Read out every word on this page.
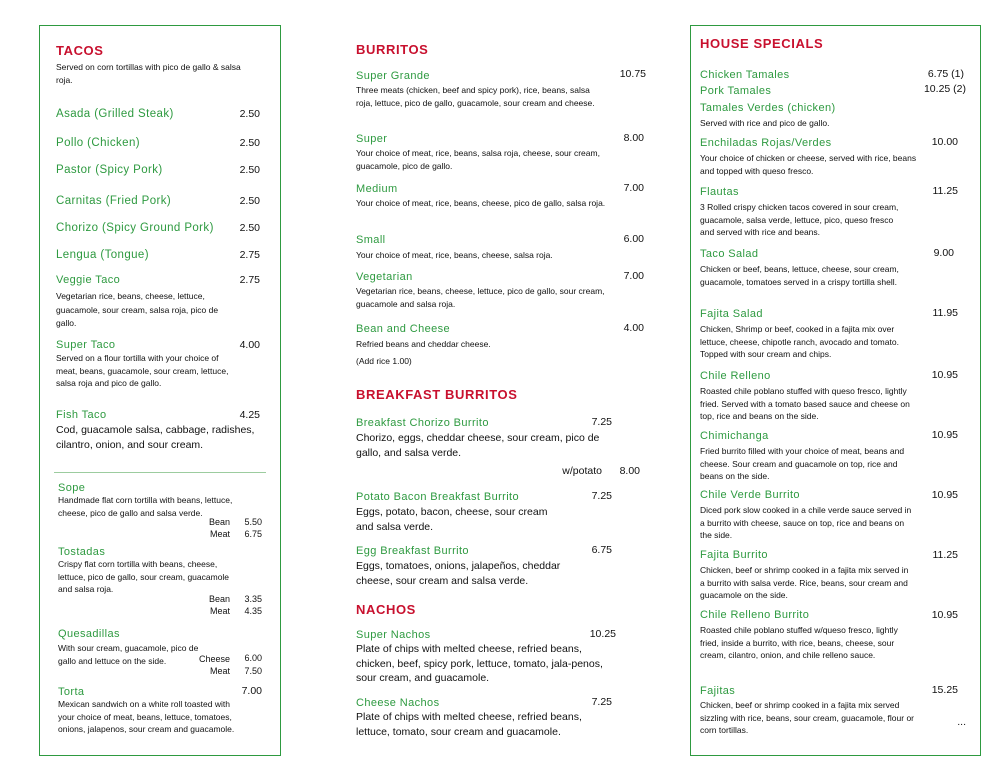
TACOS
Served on corn tortillas with pico de gallo & salsa roja.
Asada (Grilled Steak)	2.50
Pollo (Chicken)	2.50
Pastor (Spicy Pork)	2.50
Carnitas (Fried Pork)	2.50
Chorizo (Spicy Ground Pork) 2.50
Lengua (Tongue)	2.75
Veggie Taco	2.75
Vegetarian rice, beans, cheese, lettuce, guacamole, sour cream, salsa roja, pico de gallo.
Super Taco	4.00
Served on a flour tortilla with your choice of meat, beans, guacamole, sour cream, lettuce, salsa roja and pico de gallo.
Fish Taco	4.25
Cod, guacamole salsa, cabbage, radishes, cilantro, onion, and sour cream.
Sope
Handmade flat corn tortilla with beans, lettuce, cheese, pico de gallo and salsa verde.
Bean 5.50
Meat 6.75
Tostadas
Crispy flat corn tortilla with beans, cheese, lettuce, pico de gallo, sour cream, guacamole and salsa roja.
Bean 3.35
Meat 4.35
Quesadillas
With sour cream, guacamole, pico de gallo and lettuce on the side.	Cheese 6.00
Meat 7.50
Torta	7.00
Mexican sandwich on a white roll toasted with your choice of meat, beans, lettuce, tomatoes, onions, jalapenos, sour cream and guacamole.
BURRITOS
Super Grande	10.75
Three meats (chicken, beef and spicy pork), rice, beans, salsa roja, lettuce, pico de gallo, guacamole, sour cream and cheese.
Super	8.00
Your choice of meat, rice, beans, salsa roja, cheese, sour cream, guacamole, pico de gallo.
Medium	7.00
Your choice of meat, rice, beans, cheese, pico de gallo, salsa roja.
Small	6.00
Your choice of meat, rice, beans, cheese, salsa roja.
Vegetarian	7.00
Vegetarian rice, beans, cheese, lettuce, pico de gallo, sour cream, guacamole and salsa roja.
Bean and Cheese	4.00
Refried beans and cheddar cheese.
(Add rice 1.00)
BREAKFAST BURRITOS
Breakfast Chorizo Burrito	7.25
Chorizo, eggs, cheddar cheese, sour cream, pico de gallo, and salsa verde.
w/potato 8.00
Potato Bacon Breakfast Burrito	7.25
Eggs, potato, bacon, cheese, sour cream and salsa verde.
Egg Breakfast Burrito	6.75
Eggs, tomatoes, onions, jalapeños, cheddar cheese, sour cream and salsa verde.
NACHOS
Super Nachos	10.25
Plate of chips with melted cheese, refried beans, chicken, beef, spicy pork, lettuce, tomato, jala-penos, sour cream, and guacamole.
Cheese Nachos	7.25
Plate of chips with melted cheese, refried beans, lettuce, tomato, sour cream and guacamole.
HOUSE SPECIALS
Chicken Tamales	6.75 (1)
Pork Tamales	10.25 (2)
Tamales Verdes (chicken)
Served with rice and pico de gallo.
Enchiladas Rojas/Verdes	10.00
Your choice of chicken or cheese, served with rice, beans and topped with queso fresco.
Flautas	11.25
3 Rolled crispy chicken tacos covered in sour cream, guacamole, salsa verde, lettuce, pico, queso fresco and served with rice and beans.
Taco Salad	9.00
Chicken or beef, beans, lettuce, cheese, sour cream, guacamole, tomatoes served in a crispy tortilla shell.
Fajita Salad	11.95
Chicken, Shrimp or beef, cooked in a fajita mix over lettuce, cheese, chipotle ranch, avocado and tomato. Topped with sour cream and chips.
Chile Relleno	10.95
Roasted chile poblano stuffed with queso fresco, lightly fried. Served with a tomato based sauce and cheese on top, rice and beans on the side.
Chimichanga	10.95
Fried burrito filled with your choice of meat, beans and cheese. Sour cream and guacamole on top, rice and beans on the side.
Chile Verde Burrito	10.95
Diced pork slow cooked in a chile verde sauce served in a burrito with cheese, sauce on top, rice and beans on the side.
Fajita Burrito	11.25
Chicken, beef or shrimp cooked in a fajita mix served in a burrito with salsa verde. Rice, beans, sour cream and guacamole on the side.
Chile Relleno Burrito	10.95
Roasted chile poblano stuffed w/queso fresco, lightly fried, inside a burrito, with rice, beans, cheese, sour cream, cilantro, onion, and chile relleno sauce.
Fajitas	15.25
Chicken, beef or shrimp cooked in a fajita mix served sizzling with rice, beans, sour cream, guacamole, flour or corn tortillas.
...
